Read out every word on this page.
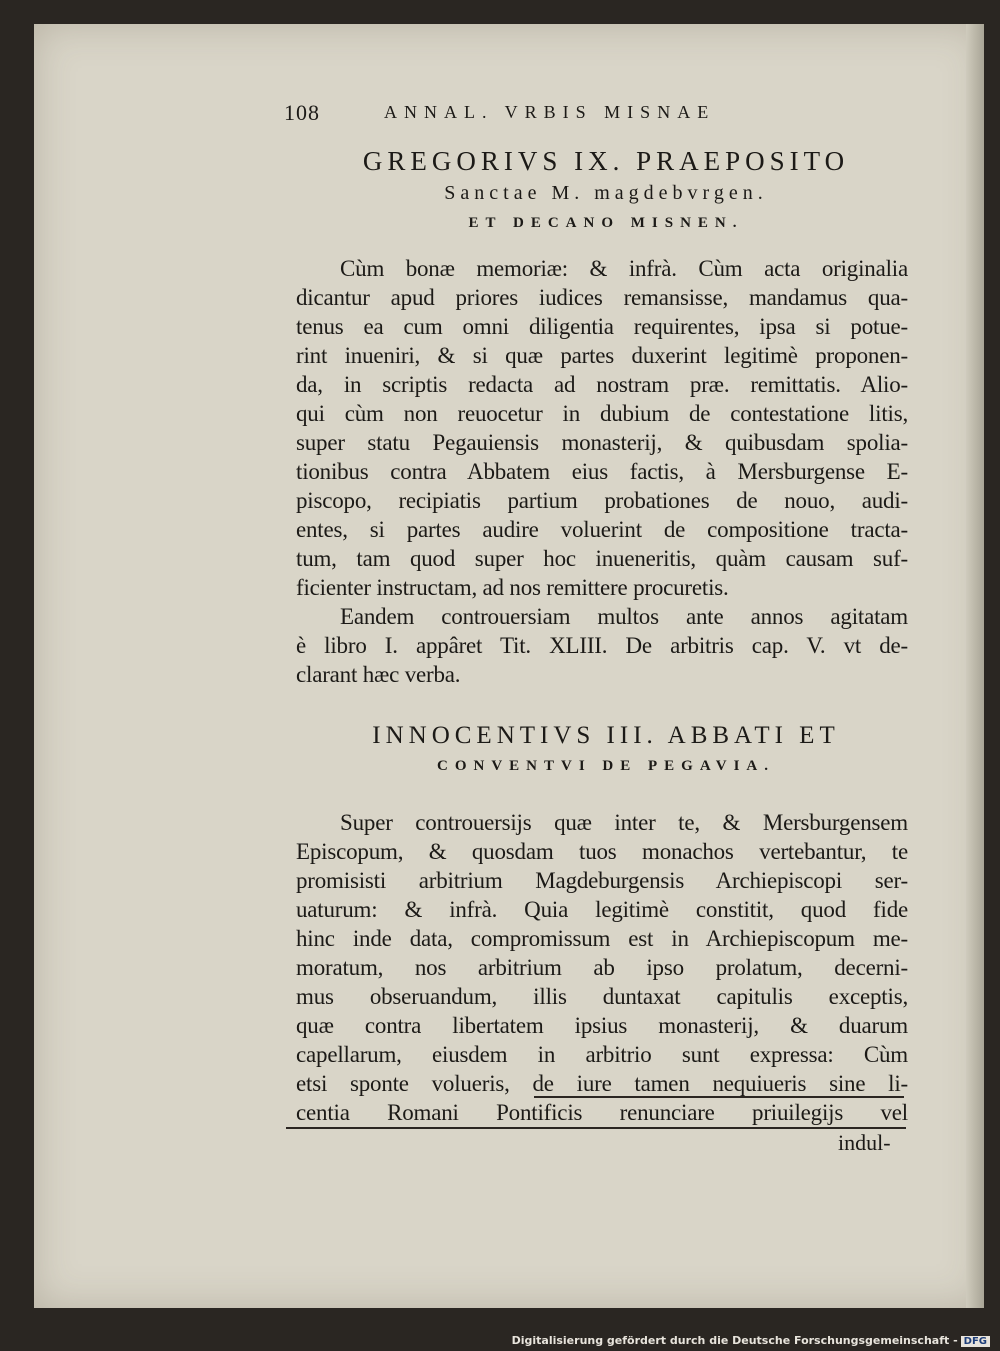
108	ANNAL. VRBIS MISNAE
GREGORIVS IX. PRAEPOSITO
Sanctae M. magdebvrgen.
ET DECANO MISNEN.
Cùm bonæ memoriæ: & infrà. Cùm acta originalia
dicantur apud priores iudices remansisse, mandamus qua-
tenus ea cum omni diligentia requirentes, ipsa si potue-
rint inueniri, & si quæ partes duxerint legitimè proponen-
da, in scriptis redacta ad nostram præ. remittatis. Alio-
qui cùm non reuocetur in dubium de contestatione litis,
super statu Pegauiensis monasterij, & quibusdam spolia-
tionibus contra Abbatem eius factis, à Mersburgense E-
piscopo, recipiatis partium probationes de nouo, audi-
entes, si partes audire voluerint de compositione tracta-
tum, tam quod super hoc inueneritis, quàm causam suf-
ficienter instructam, ad nos remittere procuretis.
Eandem controuersiam multos ante annos agitatam
è libro I. appâret Tit. XLIII. De arbitris cap. V. vt de-
clarant hæc verba.
INNOCENTIVS III. ABBATI ET
CONVENTVI DE PEGAVIA.
Super controuersijs quæ inter te, & Mersburgensem
Episcopum, & quosdam tuos monachos vertebantur, te
promisisti arbitrium Magdeburgensis Archiepiscopi ser-
uaturum: & infrà. Quia legitimè constitit, quod fide
hinc inde data, compromissum est in Archiepiscopum me-
moratum, nos arbitrium ab ipso prolatum, decerni-
mus obseruandum, illis duntaxat capitulis exceptis,
quæ contra libertatem ipsius monasterij, & duarum
capellarum, eiusdem in arbitrio sunt expressa: Cùm
etsi sponte volueris, de iure tamen nequiueris sine li-
centia Romani Pontificis renunciare priuilegijs vel
indul-
Digitalisierung gefördert durch die Deutsche Forschungsgemeinschaft - DFG
